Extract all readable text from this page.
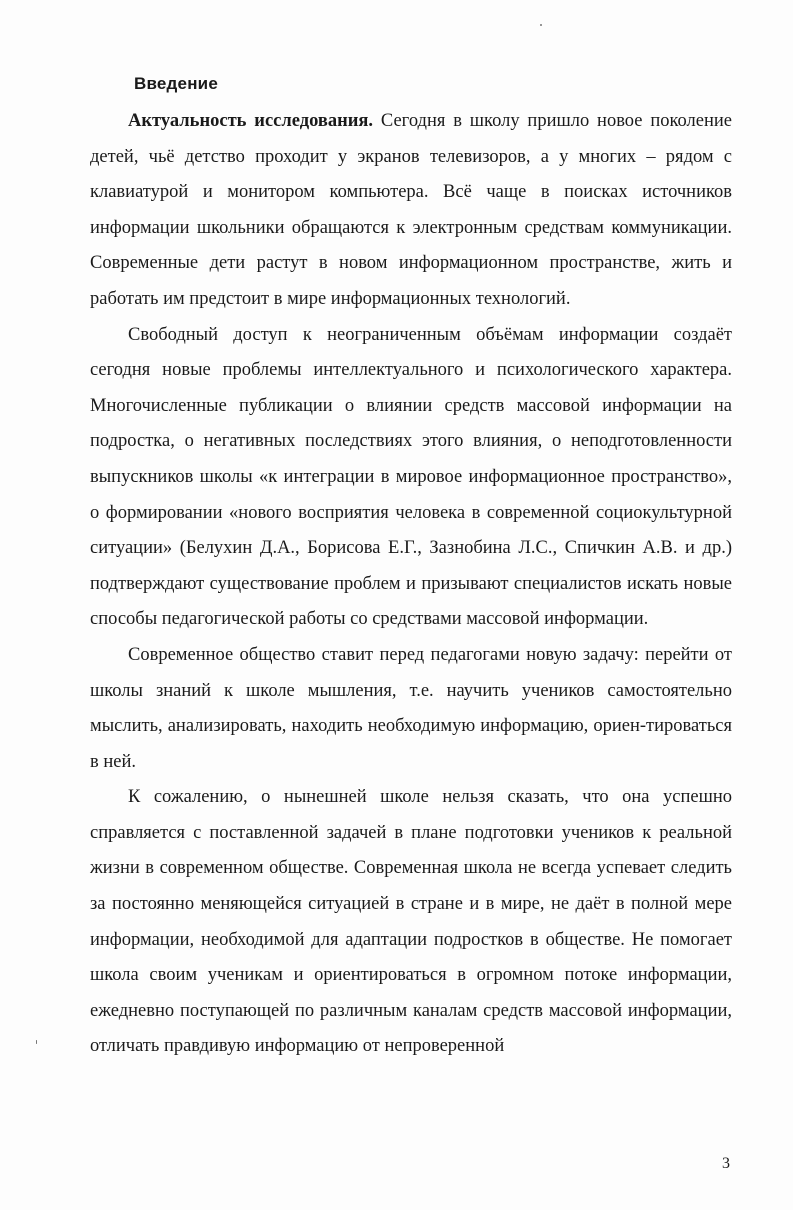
Введение

Актуальность исследования. Сегодня в школу пришло новое поколение детей, чьё детство проходит у экранов телевизоров, а у многих – рядом с клавиатурой и монитором компьютера. Всё чаще в поисках источников информации школьники обращаются к электронным средствам коммуникации. Современные дети растут в новом информационном пространстве, жить и работать им предстоит в мире информационных технологий.

Свободный доступ к неограниченным объёмам информации создаёт сегодня новые проблемы интеллектуального и психологического характера. Многочисленные публикации о влиянии средств массовой информации на подростка, о негативных последствиях этого влияния, о неподготовленности выпускников школы «к интеграции в мировое информационное пространство», о формировании «нового восприятия человека в современной социокультурной ситуации» (Белухин Д.А., Борисова Е.Г., Зазнобина Л.С., Спичкин А.В. и др.) подтверждают существование проблем и призывают специалистов искать новые способы педагогической работы со средствами массовой информации.

Современное общество ставит перед педагогами новую задачу: перейти от школы знаний к школе мышления, т.е. научить учеников самостоятельно мыслить, анализировать, находить необходимую информацию, ориен-тироваться в ней.

К сожалению, о нынешней школе нельзя сказать, что она успешно справляется с поставленной задачей в плане подготовки учеников к реальной жизни в современном обществе. Современная школа не всегда успевает следить за постоянно меняющейся ситуацией в стране и в мире, не даёт в полной мере информации, необходимой для адаптации подростков в обществе. Не помогает школа своим ученикам и ориентироваться в огромном потоке информации, ежедневно поступающей по различным каналам средств массовой информации, отличать правдивую информацию от непроверенной

3
